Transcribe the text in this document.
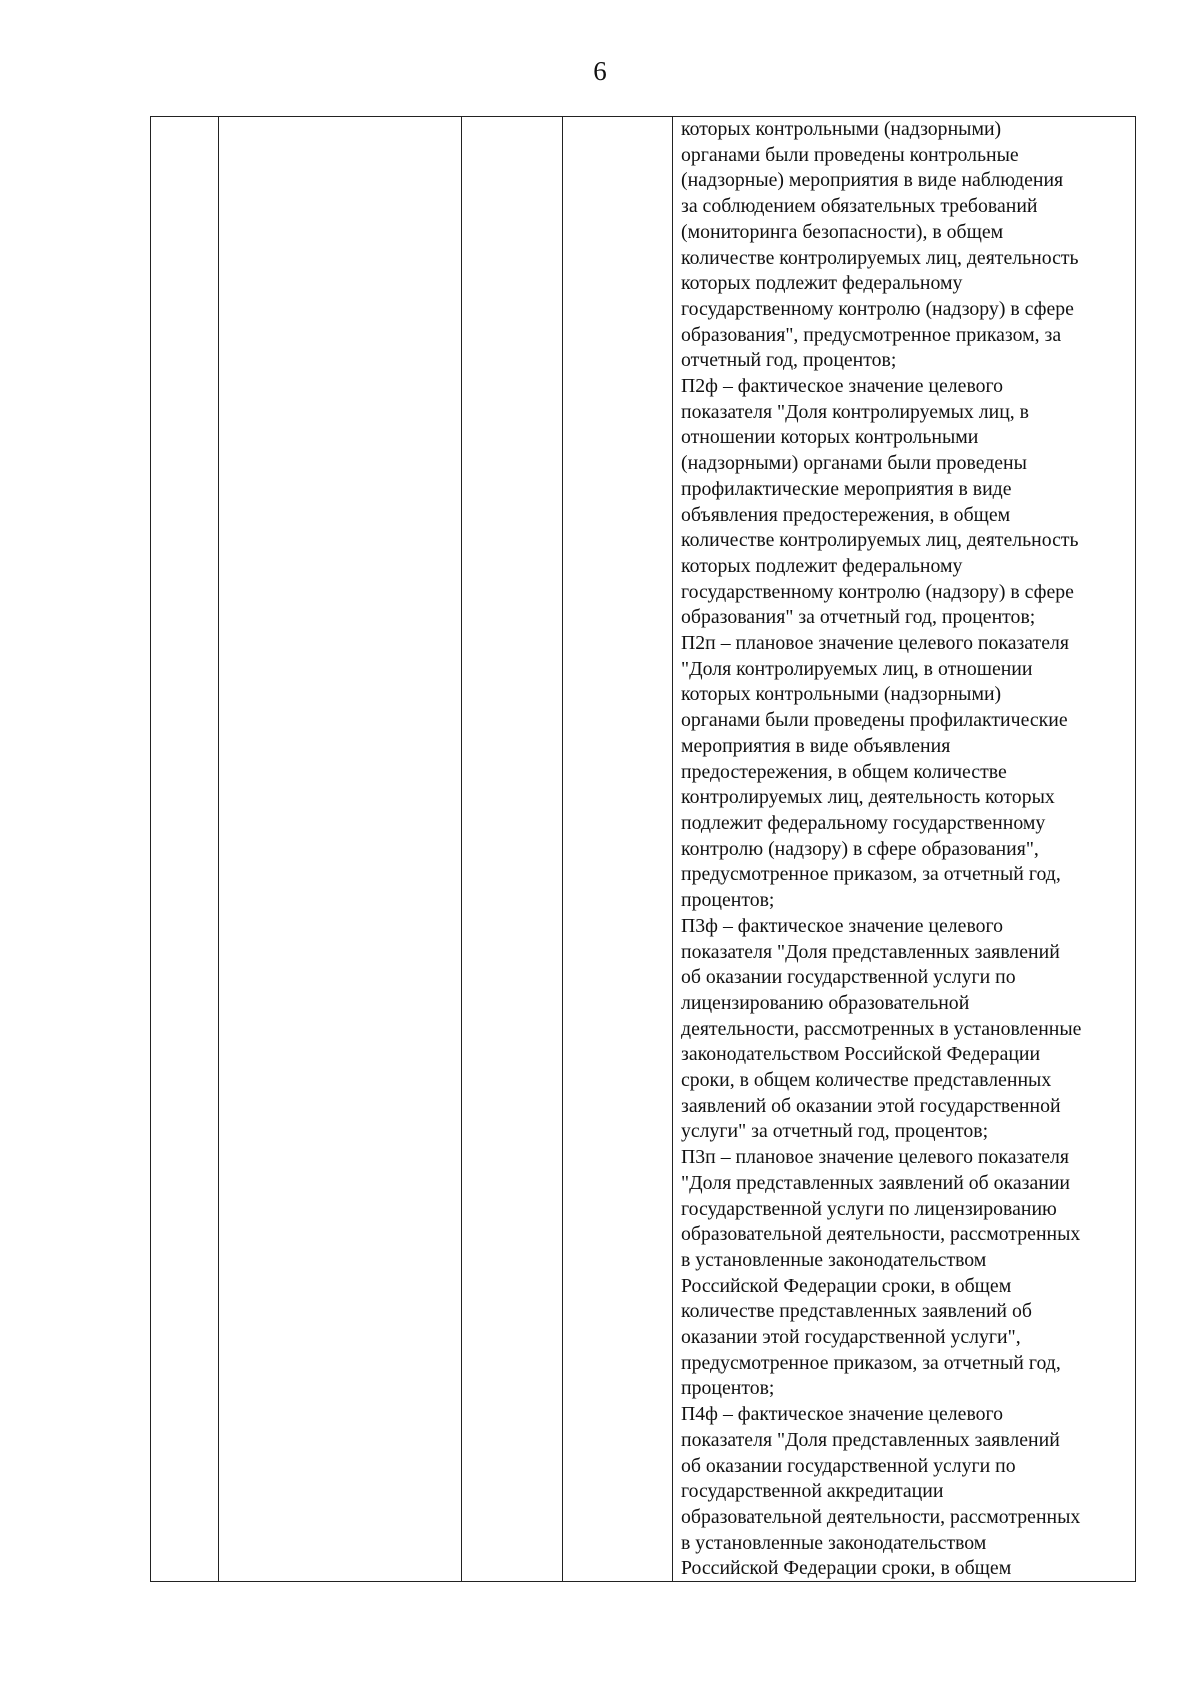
6
которых контрольными (надзорными)
органами были проведены контрольные
(надзорные) мероприятия в виде наблюдения
за соблюдением обязательных требований
(мониторинга безопасности), в общем
количестве контролируемых лиц, деятельность
которых подлежит федеральному
государственному контролю (надзору) в сфере
образования", предусмотренное приказом, за
отчетный год, процентов;
П2ф – фактическое значение целевого
показателя "Доля контролируемых лиц, в
отношении которых контрольными
(надзорными) органами были проведены
профилактические мероприятия в виде
объявления предостережения, в общем
количестве контролируемых лиц, деятельность
которых подлежит федеральному
государственному контролю (надзору) в сфере
образования" за отчетный год, процентов;
П2п – плановое значение целевого показателя
"Доля контролируемых лиц, в отношении
которых контрольными (надзорными)
органами были проведены профилактические
мероприятия в виде объявления
предостережения, в общем количестве
контролируемых лиц, деятельность которых
подлежит федеральному государственному
контролю (надзору) в сфере образования",
предусмотренное приказом, за отчетный год,
процентов;
П3ф – фактическое значение целевого
показателя "Доля представленных заявлений
об оказании государственной услуги по
лицензированию образовательной
деятельности, рассмотренных в установленные
законодательством Российской Федерации
сроки, в общем количестве представленных
заявлений об оказании этой государственной
услуги" за отчетный год, процентов;
П3п – плановое значение целевого показателя
"Доля представленных заявлений об оказании
государственной услуги по лицензированию
образовательной деятельности, рассмотренных
в установленные законодательством
Российской Федерации сроки, в общем
количестве представленных заявлений об
оказании этой государственной услуги",
предусмотренное приказом, за отчетный год,
процентов;
П4ф – фактическое значение целевого
показателя "Доля представленных заявлений
об оказании государственной услуги по
государственной аккредитации
образовательной деятельности, рассмотренных
в установленные законодательством
Российской Федерации сроки, в общем
